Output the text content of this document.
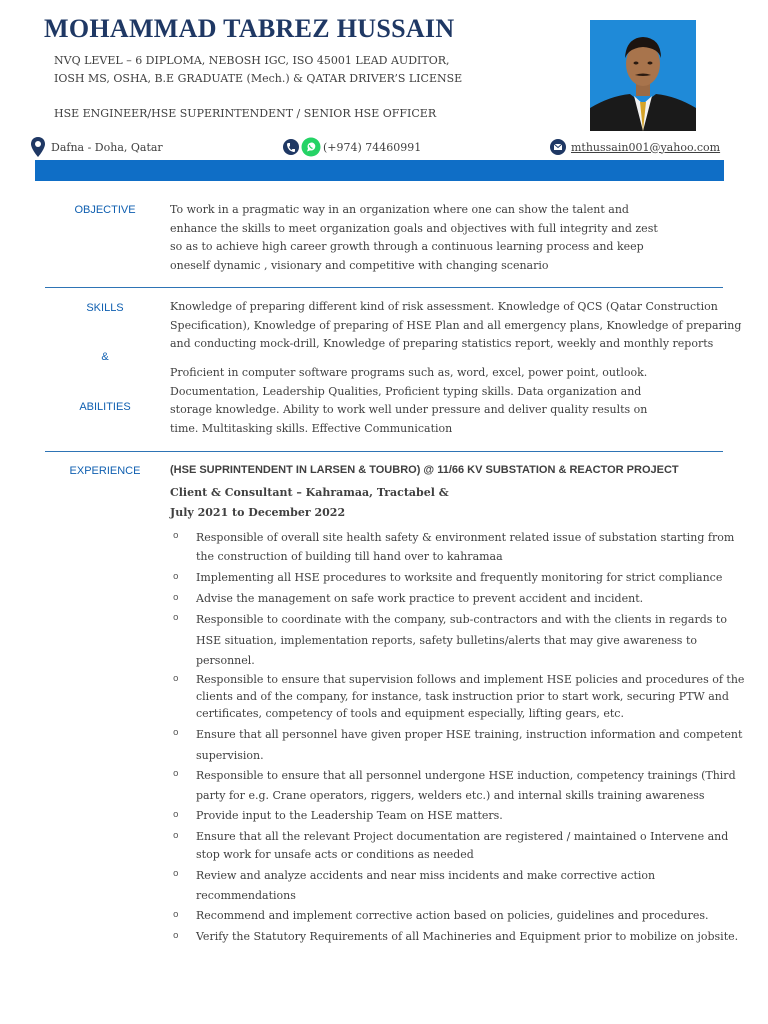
MOHAMMAD TABREZ HUSSAIN
NVQ LEVEL – 6 DIPLOMA, NEBOSH IGC, ISO 45001 LEAD AUDITOR,
IOSH MS, OSHA, B.E GRADUATE (Mech.) & QATAR DRIVER’S LICENSE
HSE ENGINEER/HSE SUPERINTENDENT / SENIOR HSE OFFICER
Dafna - Doha, Qatar	(+974) 74460991	mthussain001@yahoo.com
OBJECTIVE	To work in a pragmatic way in an organization where one can show the talent and
enhance the skills to meet organization goals and objectives with full integrity and zest
so as to achieve high career growth through a continuous learning process and keep
oneself dynamic , visionary and competitive with changing scenario
SKILLS
&
ABILITIES
Knowledge of preparing different kind of risk assessment. Knowledge of QCS (Qatar Construction
Specification), Knowledge of preparing of HSE Plan and all emergency plans, Knowledge of preparing
and conducting mock-drill, Knowledge of preparing statistics report, weekly and monthly reports
Proficient in computer software programs such as, word, excel, power point, outlook.
Documentation, Leadership Qualities, Proficient typing skills. Data organization and
storage knowledge. Ability to work well under pressure and deliver quality results on
time. Multitasking skills. Effective Communication
EXPERIENCE	(HSE SUPRINTENDENT IN LARSEN & TOUBRO) @ 11/66 KV SUBSTATION & REACTOR PROJECT
Client & Consultant – Kahramaa, Tractabel &
July 2021 to December 2022
o Responsible of overall site health safety & environment related issue of substation starting from
the construction of building till hand over to kahramaa
o Implementing all HSE procedures to worksite and frequently monitoring for strict compliance
o Advise the management on safe work practice to prevent accident and incident.
o Responsible to coordinate with the company, sub-contractors and with the clients in regards to
HSE situation, implementation reports, safety bulletins/alerts that may give awareness to
personnel.
o Responsible to ensure that supervision follows and implement HSE policies and procedures of the
clients and of the company, for instance, task instruction prior to start work, securing PTW and
certificates, competency of tools and equipment especially, lifting gears, etc.
o Ensure that all personnel have given proper HSE training, instruction information and competent
supervision.
o Responsible to ensure that all personnel undergone HSE induction, competency trainings (Third
party for e.g. Crane operators, riggers, welders etc.) and internal skills training awareness
o Provide input to the Leadership Team on HSE matters.
o Ensure that all the relevant Project documentation are registered / maintained o Intervene and
stop work for unsafe acts or conditions as needed
o Review and analyze accidents and near miss incidents and make corrective action
recommendations
o Recommend and implement corrective action based on policies, guidelines and procedures.
o Verify the Statutory Requirements of all Machineries and Equipment prior to mobilize on jobsite.
